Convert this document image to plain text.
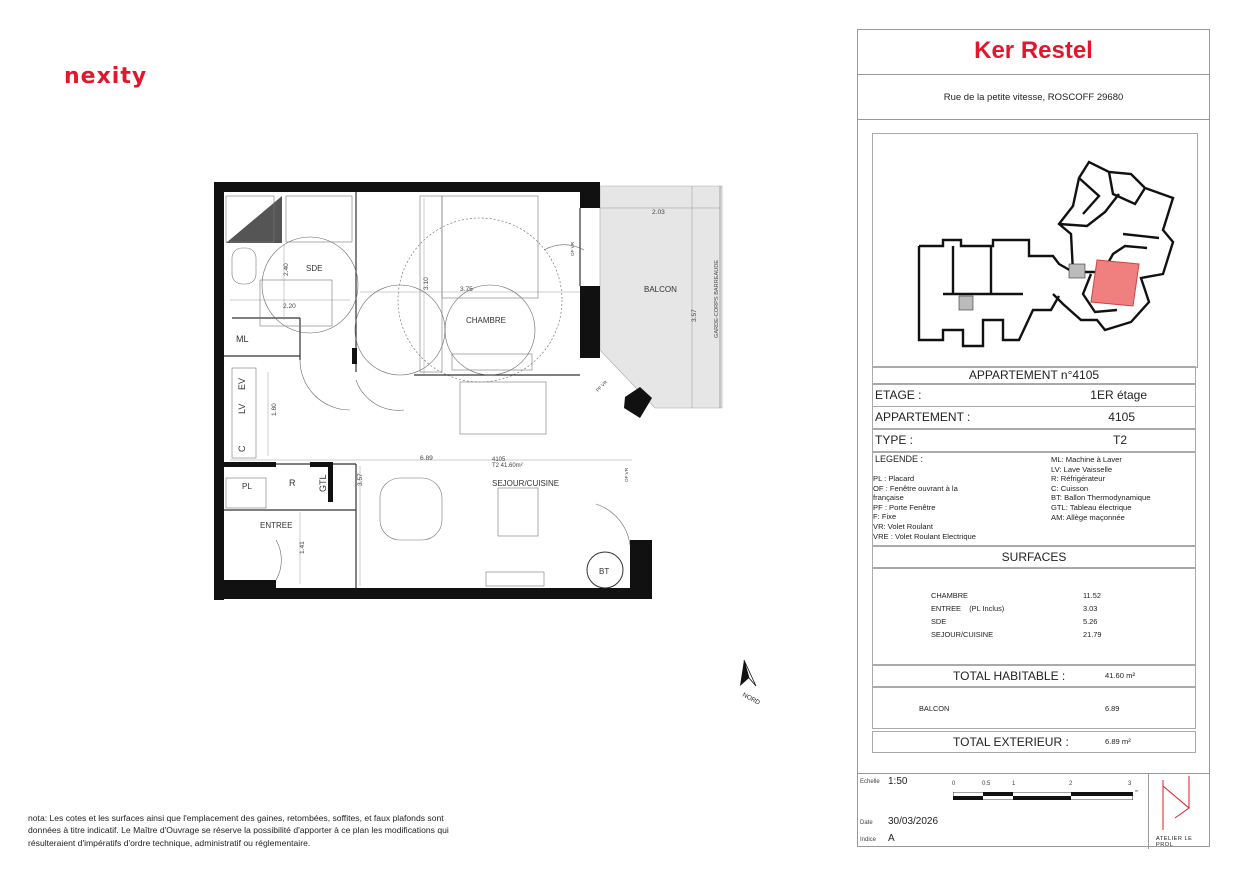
nexity
SDE
CHAMBRE
BALCON
SEJOUR/CUISINE
ENTREE
ML
PL	R	GTL
BT
EV
LV
C
2.03
3.57
3.10	3.75
2.40
2.20
1.80
6.89
3.57
1.41
4105
T2 41.60m²
GARDE-CORPS BARREAUDE
OF VR
PF VR
OF VR
NORD
nota: Les cotes et les surfaces ainsi que l'emplacement des gaines, retombées, soffites, et faux plafonds sont
données à titre indicatif. Le Maître d'Ouvrage se réserve la possibilité d'apporter à ce plan les modifications qui
résulteraient d'impératifs d'ordre technique, administratif ou réglementaire.
Ker Restel
Rue de la petite vitesse, ROSCOFF 29680
APPARTEMENT n°4105
ETAGE :	1ER étage
APPARTEMENT :	4105
TYPE :	T2
LEGENDE :
PL : Placard
OF : Fenêtre ouvrant à la
française
PF : Porte Fenêtre
F: Fixe
VR: Volet Roulant
VRE : Volet Roulant Electrique
ML: Machine à Laver
LV: Lave Vaisselle
R: Réfrigérateur
C: Cuisson
BT: Ballon Thermodynamique
GTL: Tableau électrique
AM: Allège maçonnée
SURFACES
CHAMBRE	11.52
ENTREE    (PL Inclus)	3.03
SDE	5.26
SEJOUR/CUISINE	21.79
TOTAL HABITABLE :	41.60 m²
BALCON	6.89
TOTAL EXTERIEUR :	6.89 m²
Echelle 1:50
Date 30/03/2026
Indice A
0	0.5	1	2	3
m
ATELIER LE PROL
